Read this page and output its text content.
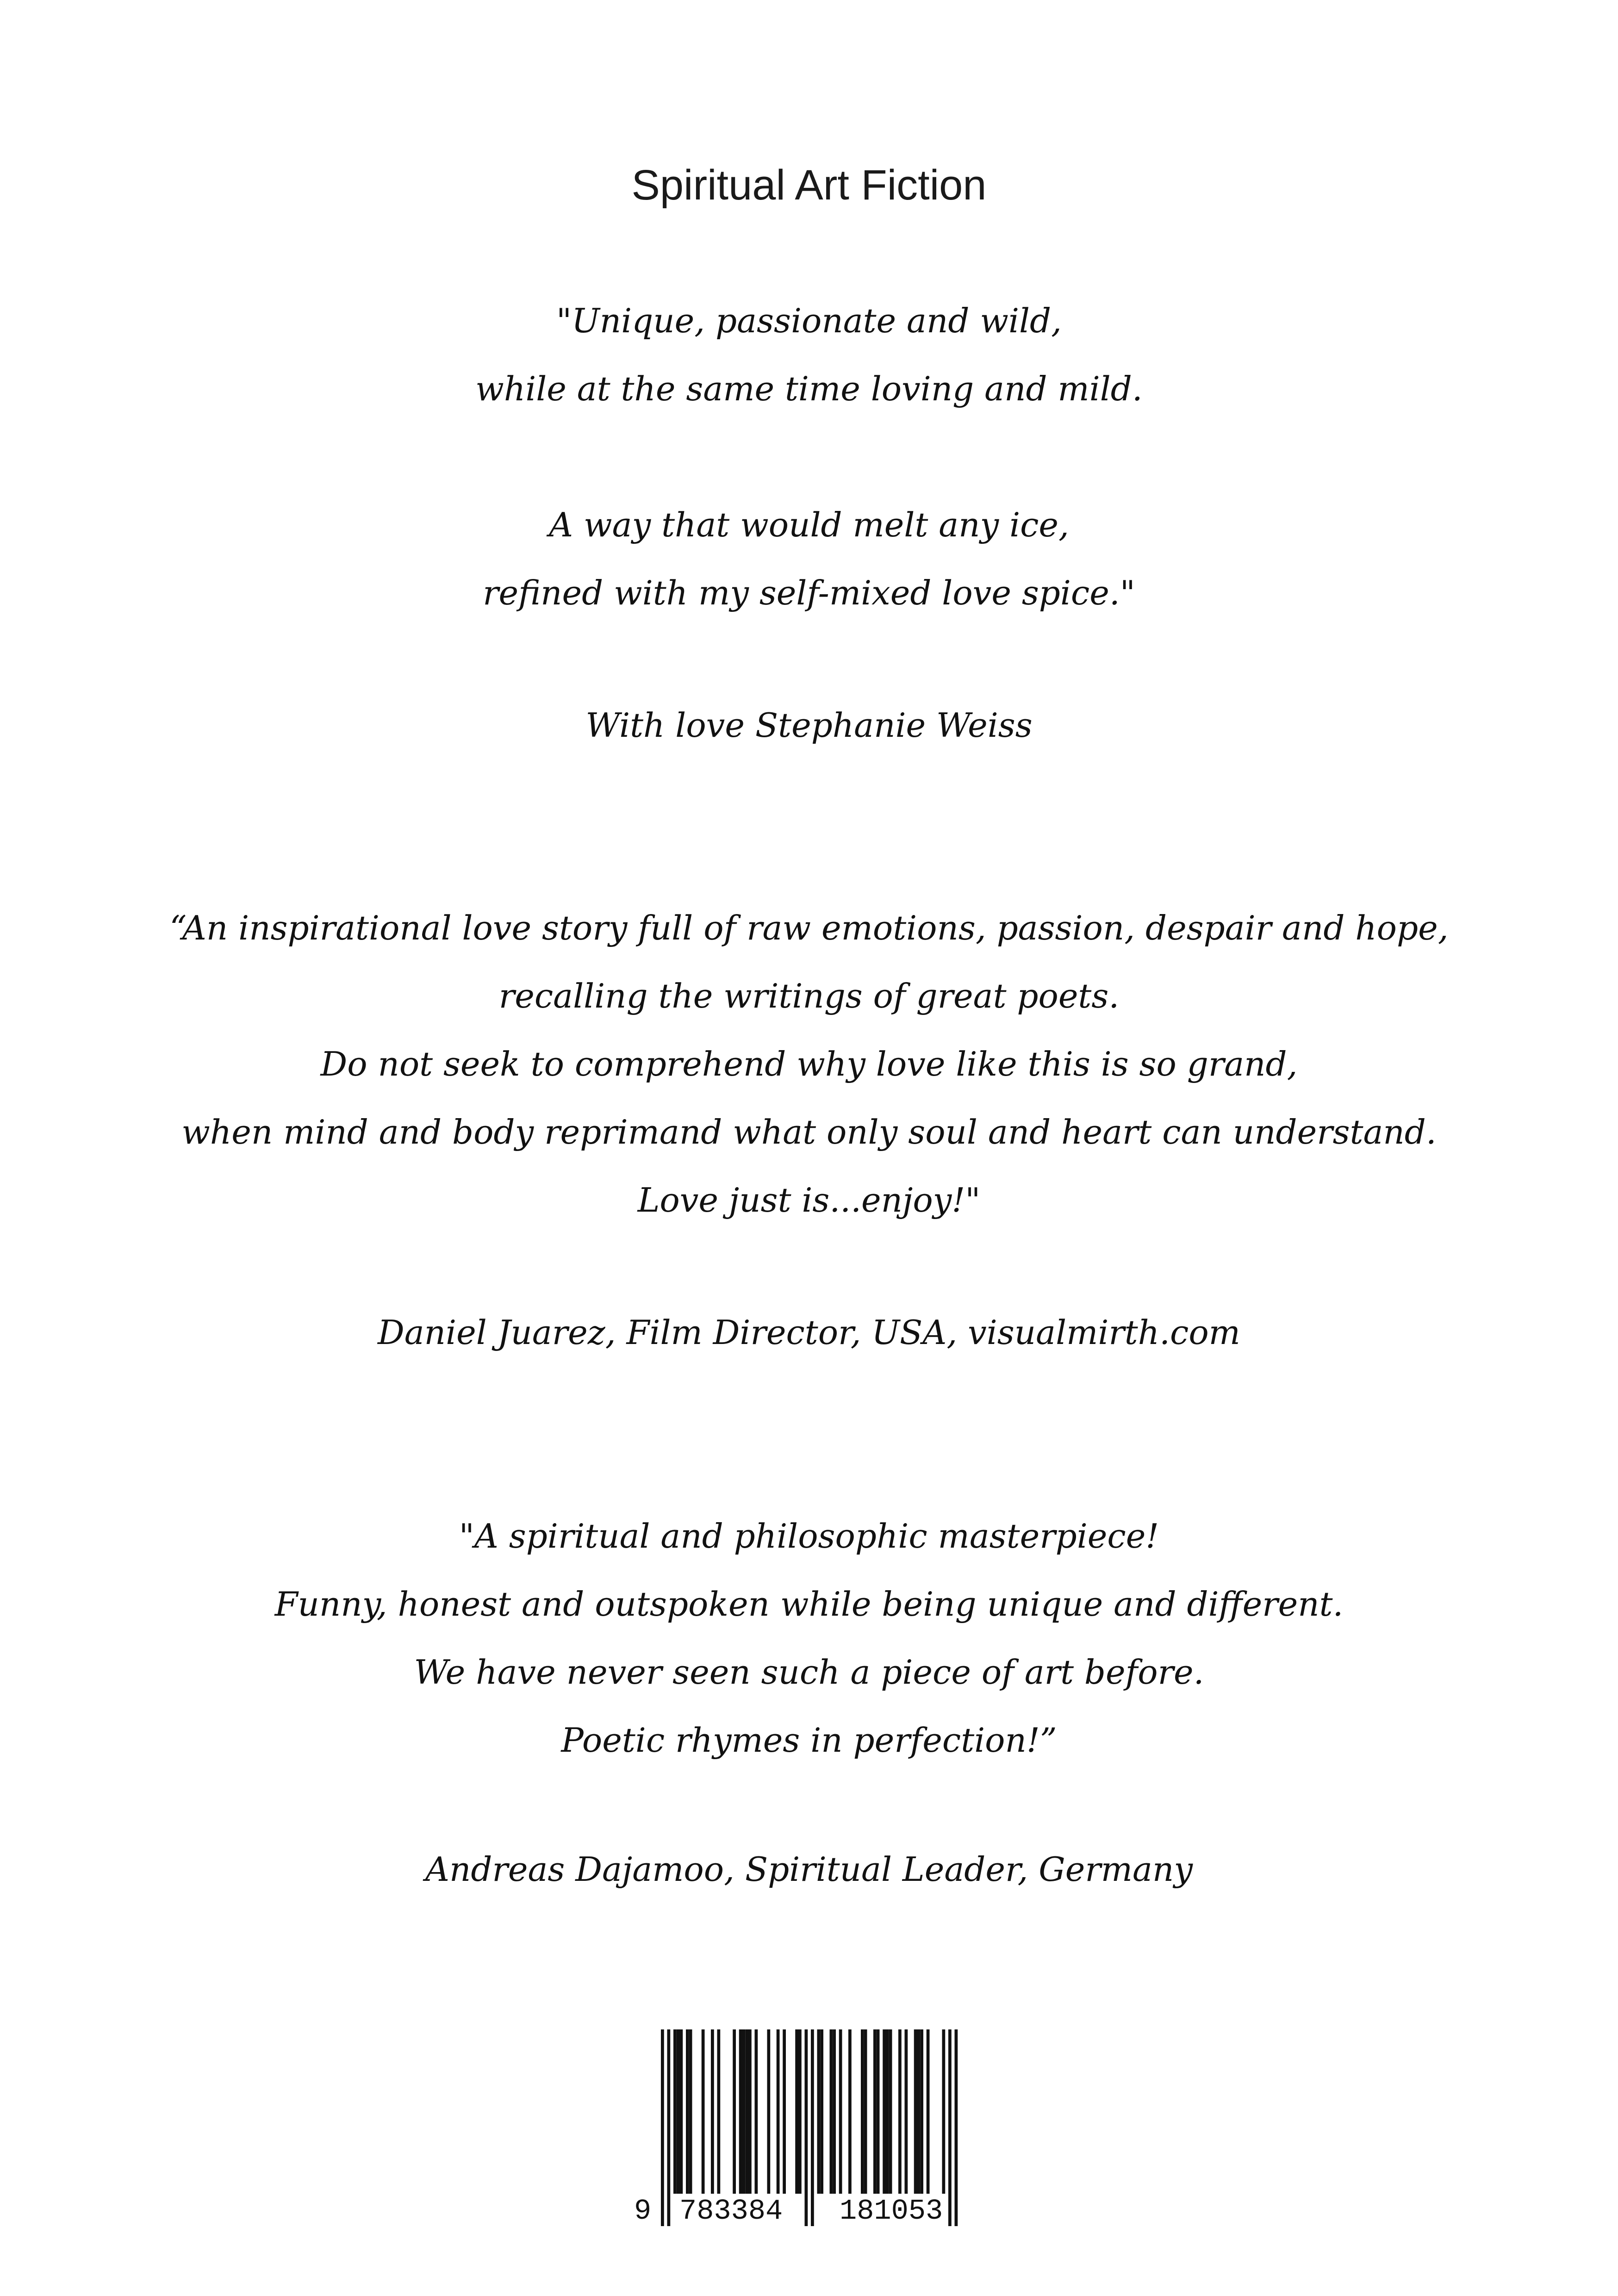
Spiritual Art Fiction
"Unique, passionate and wild,
while at the same time loving and mild.
A way that would melt any ice,
refined with my self-mixed love spice."
With love Stephanie Weiss
“An inspirational love story full of raw emotions, passion, despair and hope,
recalling the writings of great poets.
Do not seek to comprehend why love like this is so grand,
when mind and body reprimand what only soul and heart can understand.
Love just is...enjoy!"
Daniel Juarez, Film Director, USA, visualmirth.com
"A spiritual and philosophic masterpiece!
Funny, honest and outspoken while being unique and different.
We have never seen such a piece of art before.
Poetic rhymes in perfection!”
Andreas Dajamoo, Spiritual Leader, Germany
9 783384 181053
